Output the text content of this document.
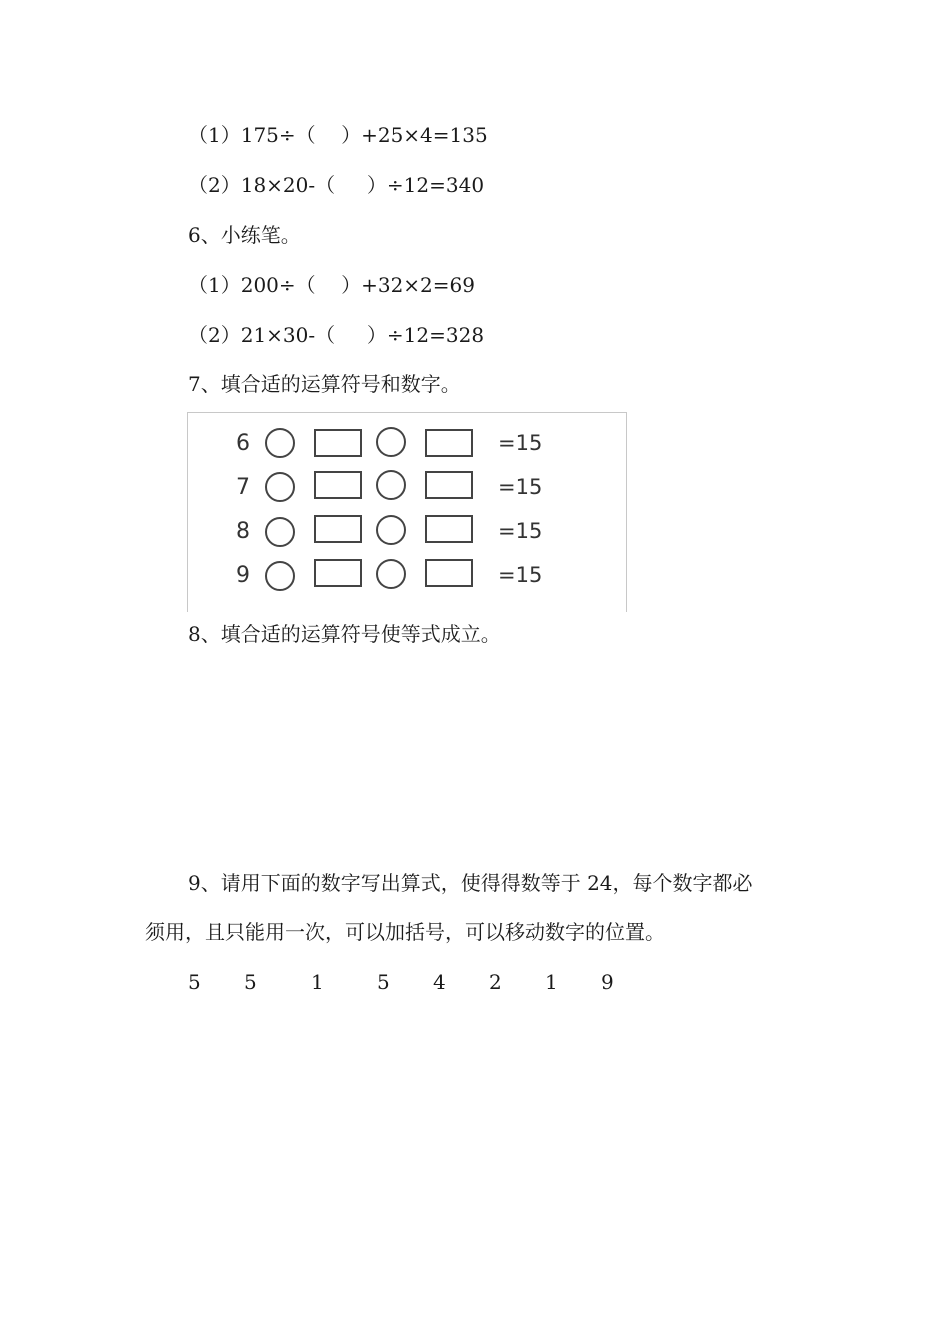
（1）175÷（    ）+25×4=135
（2）18×20-（     ）÷12=340
6、小练笔。
（1）200÷（    ）+32×2=69
（2）21×30-（     ）÷12=328
7、填合适的运算符号和数字。
6	=15
7	=15
8	=15
9	=15
8、填合适的运算符号使等式成立。
9、请用下面的数字写出算式，使得得数等于 24，每个数字都必
须用，且只能用一次，可以加括号，可以移动数字的位置。
5 5	1	5 4 2 1 9
